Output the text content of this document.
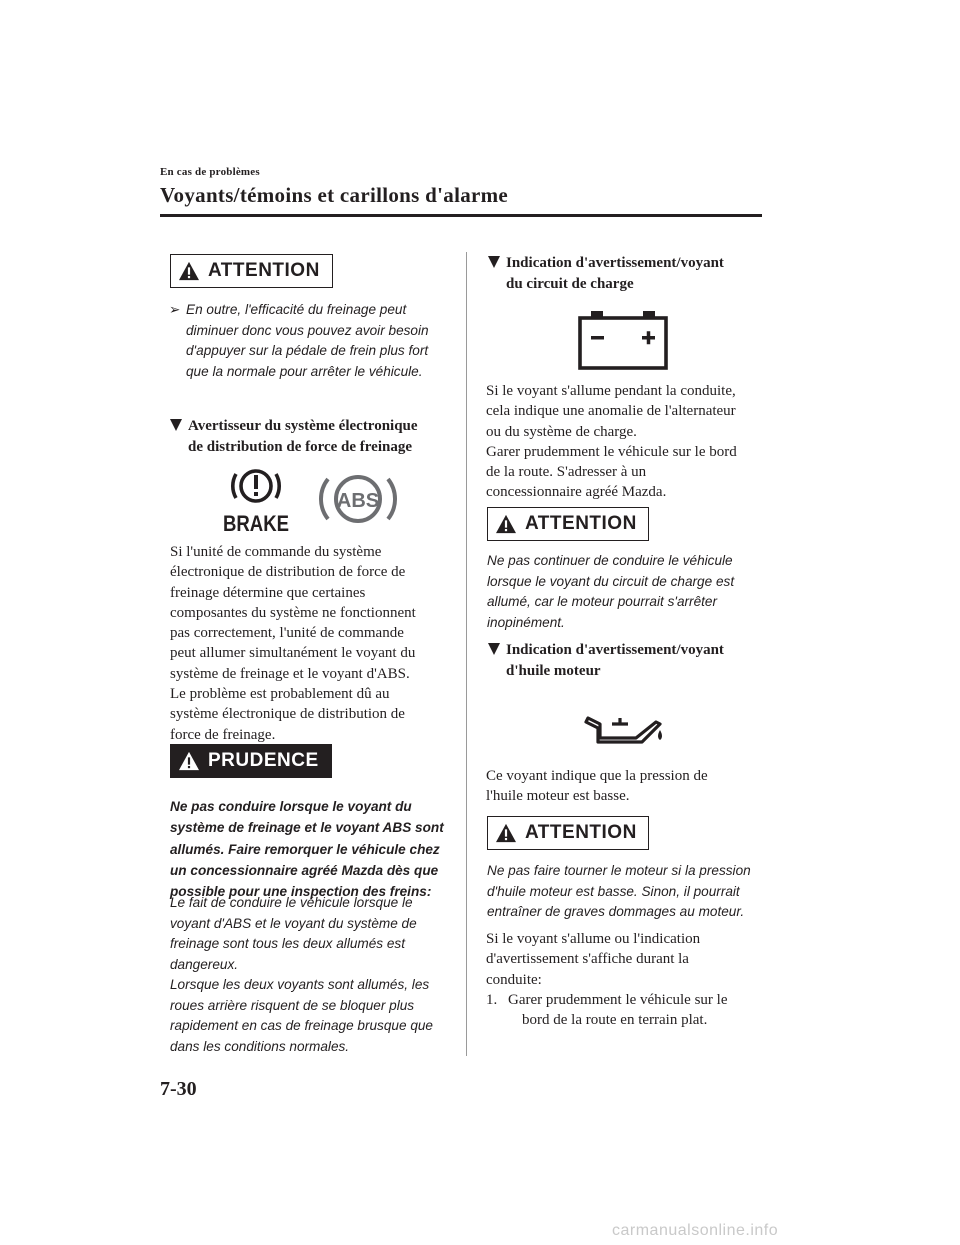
En cas de problèmes
Voyants/témoins et carillons d'alarme
ATTENTION
➢ En outre, l'efficacité du freinage peut
diminuer donc vous pouvez avoir besoin
d'appuyer sur la pédale de frein plus fort
que la normale pour arrêter le véhicule.
Avertisseur du système électronique
de distribution de force de freinage
BRAKE
ABS
Si l'unité de commande du système
électronique de distribution de force de
freinage détermine que certaines
composantes du système ne fonctionnent
pas correctement, l'unité de commande
peut allumer simultanément le voyant du
système de freinage et le voyant d'ABS.
Le problème est probablement dû au
système électronique de distribution de
force de freinage.
PRUDENCE
Ne pas conduire lorsque le voyant du
système de freinage et le voyant ABS sont
allumés. Faire remorquer le véhicule chez
un concessionnaire agréé Mazda dès que
possible pour une inspection des freins:
Le fait de conduire le véhicule lorsque le
voyant d'ABS et le voyant du système de
freinage sont tous les deux allumés est
dangereux.
Lorsque les deux voyants sont allumés, les
roues arrière risquent de se bloquer plus
rapidement en cas de freinage brusque que
dans les conditions normales.
Indication d'avertissement/voyant
du circuit de charge
Si le voyant s'allume pendant la conduite,
cela indique une anomalie de l'alternateur
ou du système de charge.
Garer prudemment le véhicule sur le bord
de la route. S'adresser à un
concessionnaire agréé Mazda.
ATTENTION
Ne pas continuer de conduire le véhicule
lorsque le voyant du circuit de charge est
allumé, car le moteur pourrait s'arrêter
inopinément.
Indication d'avertissement/voyant
d'huile moteur
Ce voyant indique que la pression de
l'huile moteur est basse.
ATTENTION
Ne pas faire tourner le moteur si la pression
d'huile moteur est basse. Sinon, il pourrait
entraîner de graves dommages au moteur.
Si le voyant s'allume ou l'indication
d'avertissement s'affiche durant la
conduite:
1. Garer prudemment le véhicule sur le
bord de la route en terrain plat.
7-30
carmanualsonline.info
